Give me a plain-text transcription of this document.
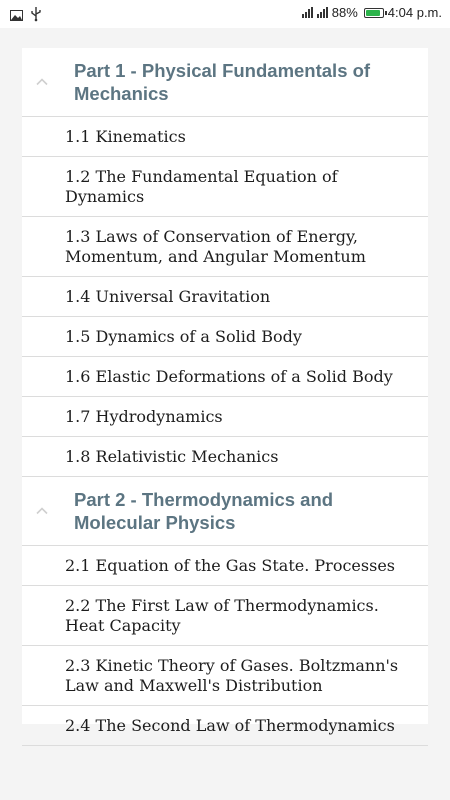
88% 4:04 p.m.
Part 1 - Physical Fundamentals of Mechanics
1.1 Kinematics
1.2 The Fundamental Equation of Dynamics
1.3 Laws of Conservation of Energy, Momentum, and Angular Momentum
1.4 Universal Gravitation
1.5 Dynamics of a Solid Body
1.6 Elastic Deformations of a Solid Body
1.7 Hydrodynamics
1.8 Relativistic Mechanics
Part 2 - Thermodynamics and Molecular Physics
2.1 Equation of the Gas State. Processes
2.2 The First Law of Thermodynamics. Heat Capacity
2.3 Kinetic Theory of Gases. Boltzmann's Law and Maxwell's Distribution
2.4 The Second Law of Thermodynamics
